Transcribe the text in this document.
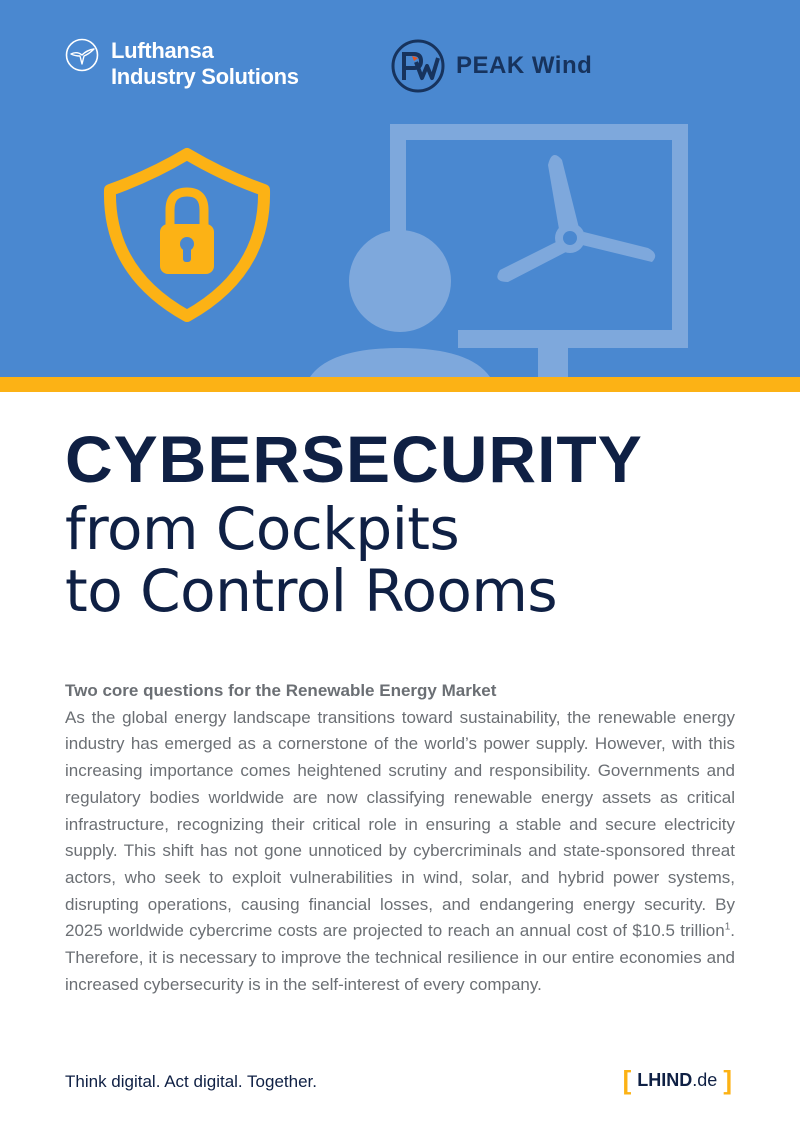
Lufthansa
Industry Solutions	PEAK Wind
CYBERSECURITY
from Cockpits
to Control Rooms

Two core questions for the Renewable Energy Market

As the global energy landscape transitions toward sustainability, the renewable energy industry has emerged as a cornerstone of the world’s power supply. However, with this increasing importance comes heightened scrutiny and responsibility. Governments and regulatory bodies worldwide are now classifying renewable energy assets as critical infrastructure, recognizing their critical role in ensuring a stable and secure electricity supply. This shift has not gone unnoticed by cybercriminals and state-sponsored threat actors, who seek to exploit vulnerabilities in wind, solar, and hybrid power systems, disrupting operations, causing financial losses, and endangering energy security. By 2025 worldwide cybercrime costs are projected to reach an annual cost of $10.5 trillion$^1$. Therefore, it is necessary to improve the technical resilience in our entire economies and increased cybersecurity is in the self-interest of every company.

Think digital. Act digital. Together.	[ LHIND .de ]
